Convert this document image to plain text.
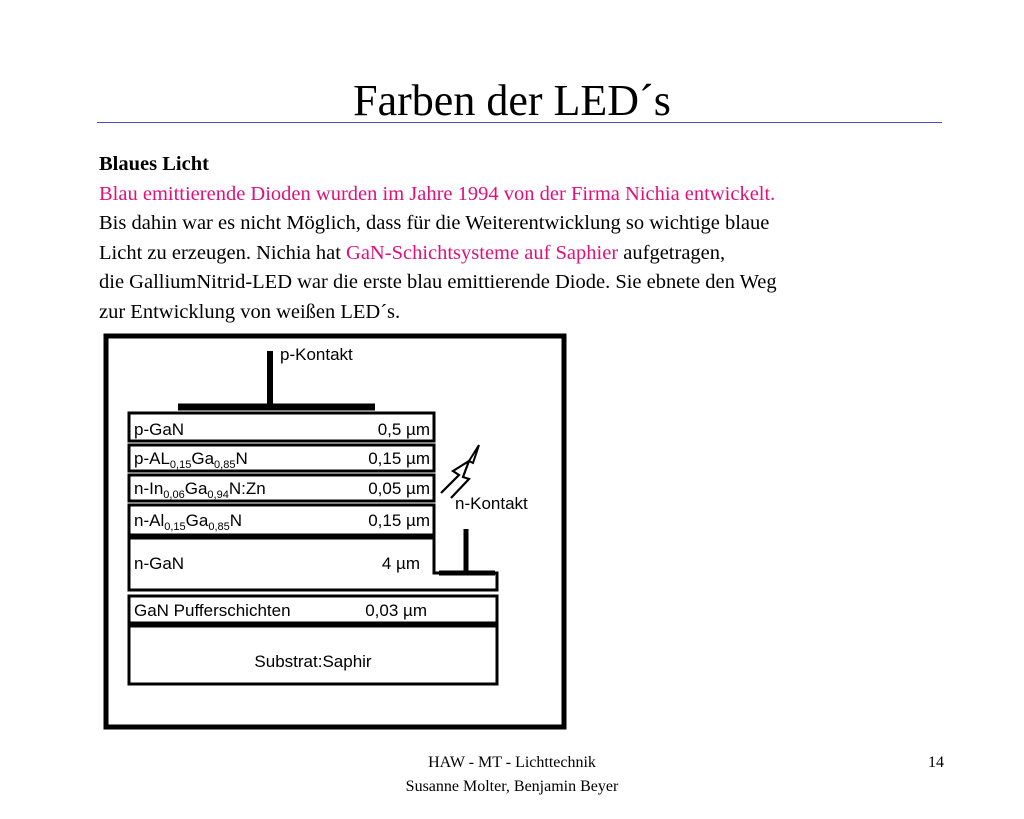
Farben der LED´s
Blaues Licht
Blau emittierende Dioden wurden im Jahre 1994 von der Firma Nichia entwickelt.
Bis dahin war es nicht Möglich, dass für die Weiterentwicklung so wichtige blaue
Licht zu erzeugen. Nichia hat GaN-Schichtsysteme auf Saphier aufgetragen,
die GalliumNitrid-LED war die erste blau emittierende Diode. Sie ebnete den Weg
zur Entwicklung von weißen LED´s.
p-Kontakt
n-Kontakt
p-GaN	0,5 µm
$p-AL_{0,15}Ga_{0,85}N$	0,15 µm
$n-In_{0,06}Ga_{0,94}N:Zn$	0,05 µm
$n-Al_{0,15}Ga_{0,85}N$	0,15 µm
n-GaN	4 µm
GaN Pufferschichten	0,03 µm
Substrat:Saphir
HAW - MT - Lichttechnik
Susanne Molter, Benjamin Beyer
14
